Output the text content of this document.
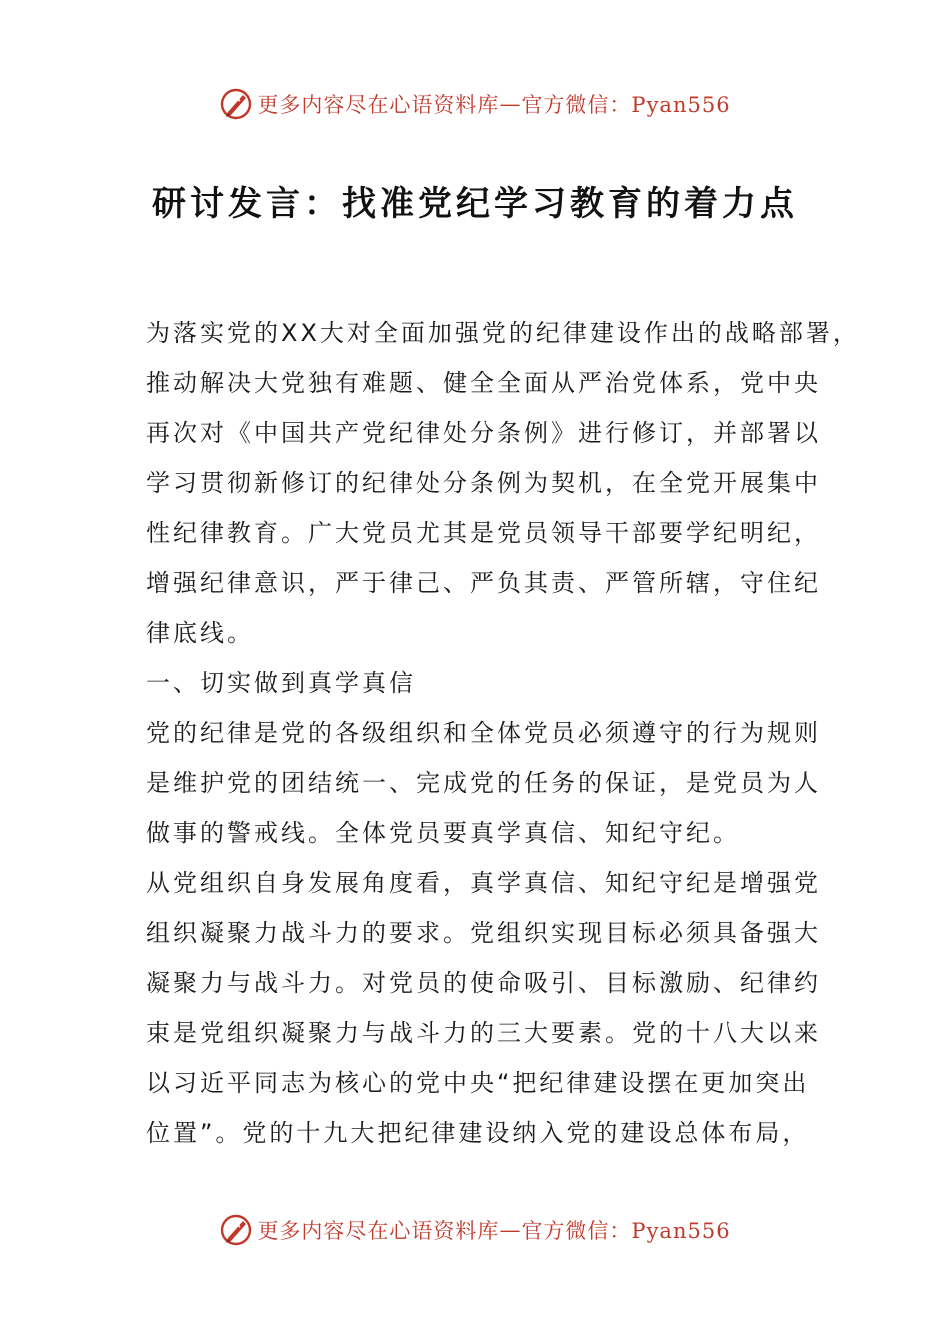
更多内容尽在心语资料库 — 官方微信：Pyan556
研讨发言：找准党纪学习教育的着力点

为落实党的XX大对全面加强党的纪律建设作出的战略部署，
推动解决大党独有难题、健全全面从严治党体系，党中央
再次对《中国共产党纪律处分条例》进行修订，并部署以
学习贯彻新修订的纪律处分条例为契机，在全党开展集中
性纪律教育。广大党员尤其是党员领导干部要学纪明纪，
增强纪律意识，严于律己、严负其责、严管所辖，守住纪
律底线。

一、切实做到真学真信

党的纪律是党的各级组织和全体党员必须遵守的行为规则
是维护党的团结统一、完成党的任务的保证，是党员为人
做事的警戒线。全体党员要真学真信、知纪守纪。

从党组织自身发展角度看，真学真信、知纪守纪是增强党
组织凝聚力战斗力的要求。党组织实现目标必须具备强大
凝聚力与战斗力。对党员的使命吸引、目标激励、纪律约
束是党组织凝聚力与战斗力的三大要素。党的十八大以来
以习近平同志为核心的党中央“把纪律建设摆在更加突出
位置”。党的十九大把纪律建设纳入党的建设总体布局，

更多内容尽在心语资料库 — 官方微信：Pyan556
